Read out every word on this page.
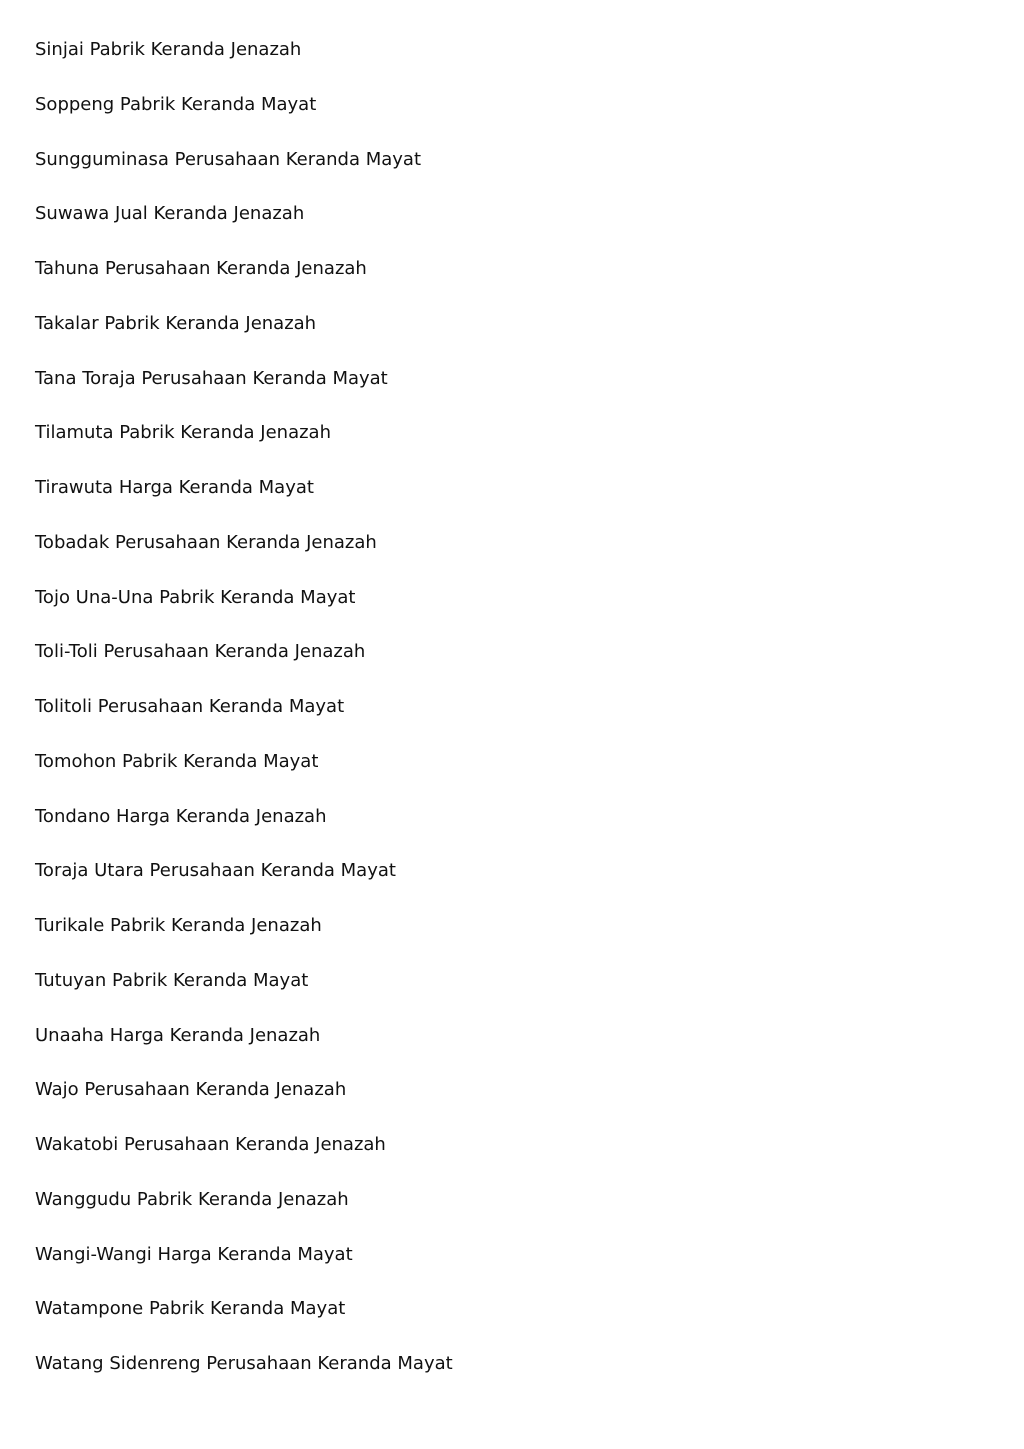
Sinjai Pabrik Keranda Jenazah
Soppeng Pabrik Keranda Mayat
Sungguminasa Perusahaan Keranda Mayat
Suwawa Jual Keranda Jenazah
Tahuna Perusahaan Keranda Jenazah
Takalar Pabrik Keranda Jenazah
Tana Toraja Perusahaan Keranda Mayat
Tilamuta Pabrik Keranda Jenazah
Tirawuta Harga Keranda Mayat
Tobadak Perusahaan Keranda Jenazah
Tojo Una-Una Pabrik Keranda Mayat
Toli-Toli Perusahaan Keranda Jenazah
Tolitoli Perusahaan Keranda Mayat
Tomohon Pabrik Keranda Mayat
Tondano Harga Keranda Jenazah
Toraja Utara Perusahaan Keranda Mayat
Turikale Pabrik Keranda Jenazah
Tutuyan Pabrik Keranda Mayat
Unaaha Harga Keranda Jenazah
Wajo Perusahaan Keranda Jenazah
Wakatobi Perusahaan Keranda Jenazah
Wanggudu Pabrik Keranda Jenazah
Wangi-Wangi Harga Keranda Mayat
Watampone Pabrik Keranda Mayat
Watang Sidenreng Perusahaan Keranda Mayat
